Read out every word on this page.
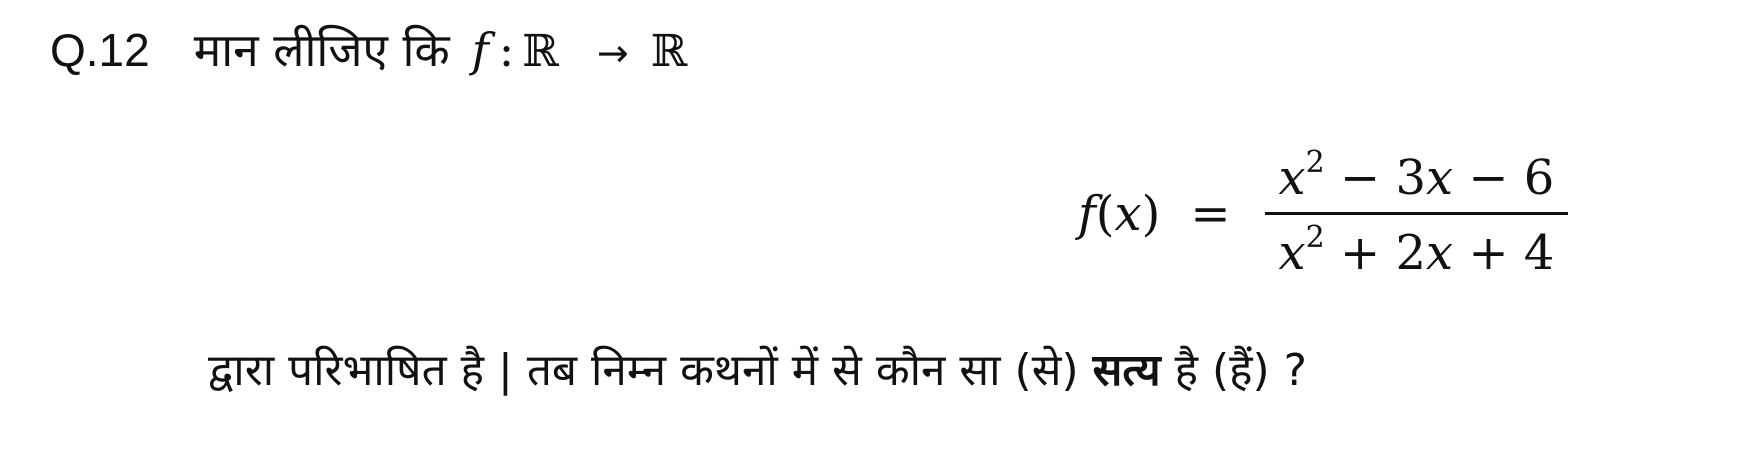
Q.12 मान लीजिए कि f : ℝ → ℝ
$f(x) = \frac{x^2 - 3x - 6}{x^2 + 2x + 4}$
द्वारा परिभाषित है | तब निम्न कथनों में से कौन सा (से) सत्य है (हैं) ?
